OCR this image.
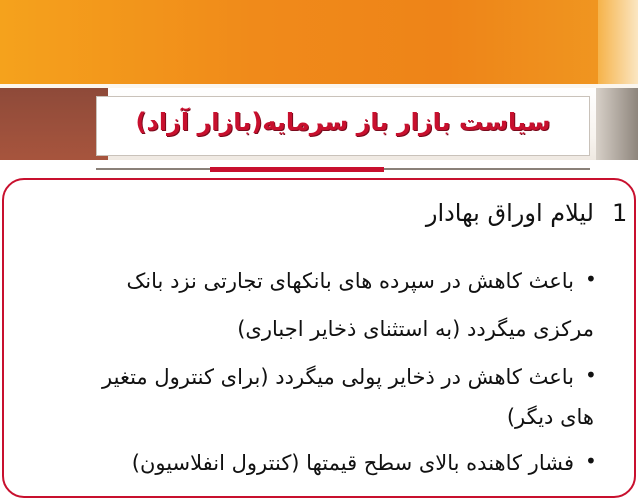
سیاست بازار باز سرمایه(بازار آزاد)
1
لیلام اوراق بهادار
•
باعث کاهش در سپرده های بانکهای تجارتی نزد بانک
مرکزی میگردد (به استثنای ذخایر اجباری)
•
باعث کاهش در ذخایر پولی میگردد (برای کنترول متغیر
های دیگر)
•
فشار کاهنده بالای سطح قیمتها (کنترول انفلاسیون)
